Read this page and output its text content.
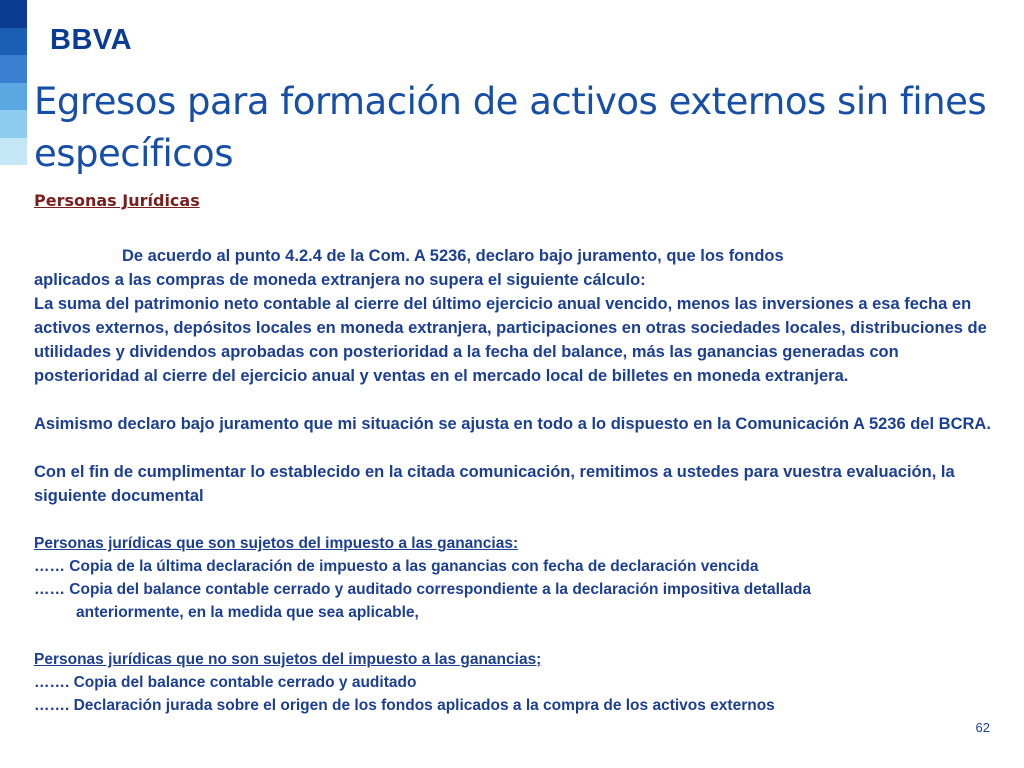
BBVA
Egresos para formación de activos externos sin fines específicos
Personas Jurídicas

De acuerdo al punto 4.2.4 de la Com. A 5236, declaro bajo juramento, que los fondos

aplicados a las compras de moneda extranjera no supera el siguiente cálculo:

La suma del patrimonio neto contable al cierre del último ejercicio anual vencido, menos las inversiones a esa fecha en activos externos, depósitos locales en moneda extranjera, participaciones en otras sociedades locales, distribuciones de utilidades y dividendos aprobadas con posterioridad a la fecha del balance, más las ganancias generadas con posterioridad al cierre del ejercicio anual y ventas en el mercado local de billetes en moneda extranjera.

Asimismo declaro bajo juramento que mi situación se ajusta en todo a lo dispuesto en la Comunicación A 5236 del BCRA.

Con el fin de cumplimentar lo establecido en la citada comunicación, remitimos a ustedes para vuestra evaluación, la siguiente documental

Personas jurídicas que son sujetos del impuesto a las ganancias:

…… Copia de la última declaración de impuesto a las ganancias con fecha de declaración vencida

…… Copia del balance contable cerrado y auditado correspondiente a la declaración impositiva detallada

anteriormente, en la medida que sea aplicable,

Personas jurídicas que no son sujetos del impuesto a las ganancias;

……. Copia del balance contable cerrado y auditado

……. Declaración jurada sobre el origen de los fondos aplicados a la compra de los activos externos

62
